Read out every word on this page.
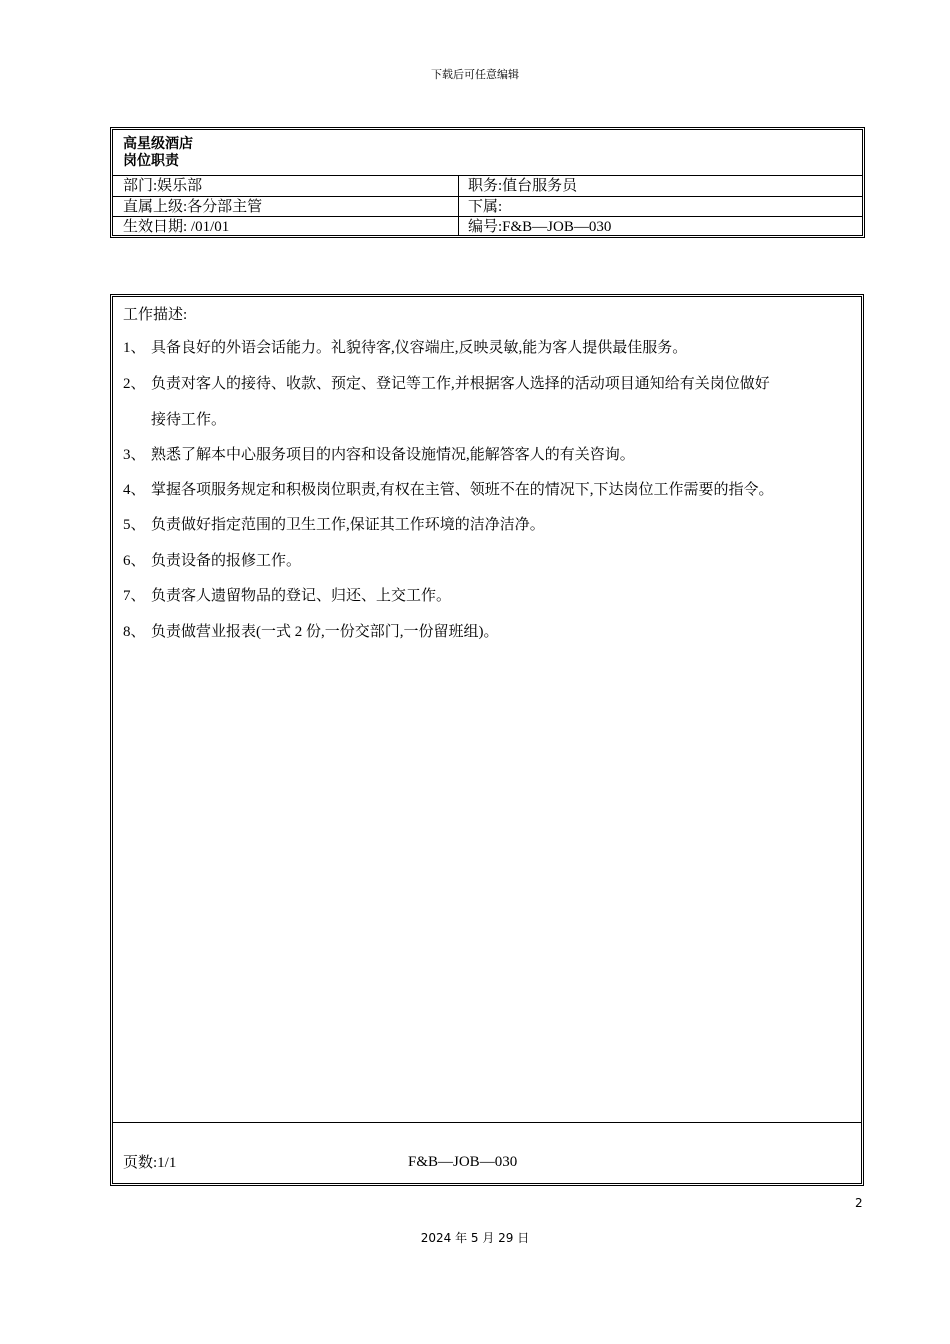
下载后可任意编辑
高星级酒店
岗位职责
部门:娱乐部	职务:值台服务员
直属上级:各分部主管	下属:
生效日期: /01/01	编号:F&B—JOB—030
工作描述:
1、 具备良好的外语会话能力。礼貌待客,仪容端庄,反映灵敏,能为客人提供最佳服务。
2、 负责对客人的接待、收款、预定、登记等工作,并根据客人选择的活动项目通知给有关岗位做好
接待工作。
3、 熟悉了解本中心服务项目的内容和设备设施情况,能解答客人的有关咨询。
4、 掌握各项服务规定和积极岗位职责,有权在主管、领班不在的情况下,下达岗位工作需要的指令。
5、 负责做好指定范围的卫生工作,保证其工作环境的洁净洁净。
6、 负责设备的报修工作。
7、 负责客人遗留物品的登记、归还、上交工作。
8、 负责做营业报表(一式 2 份,一份交部门,一份留班组)。
页数:1/1	F&B—JOB—030
2
2024 年 5 月 29 日
